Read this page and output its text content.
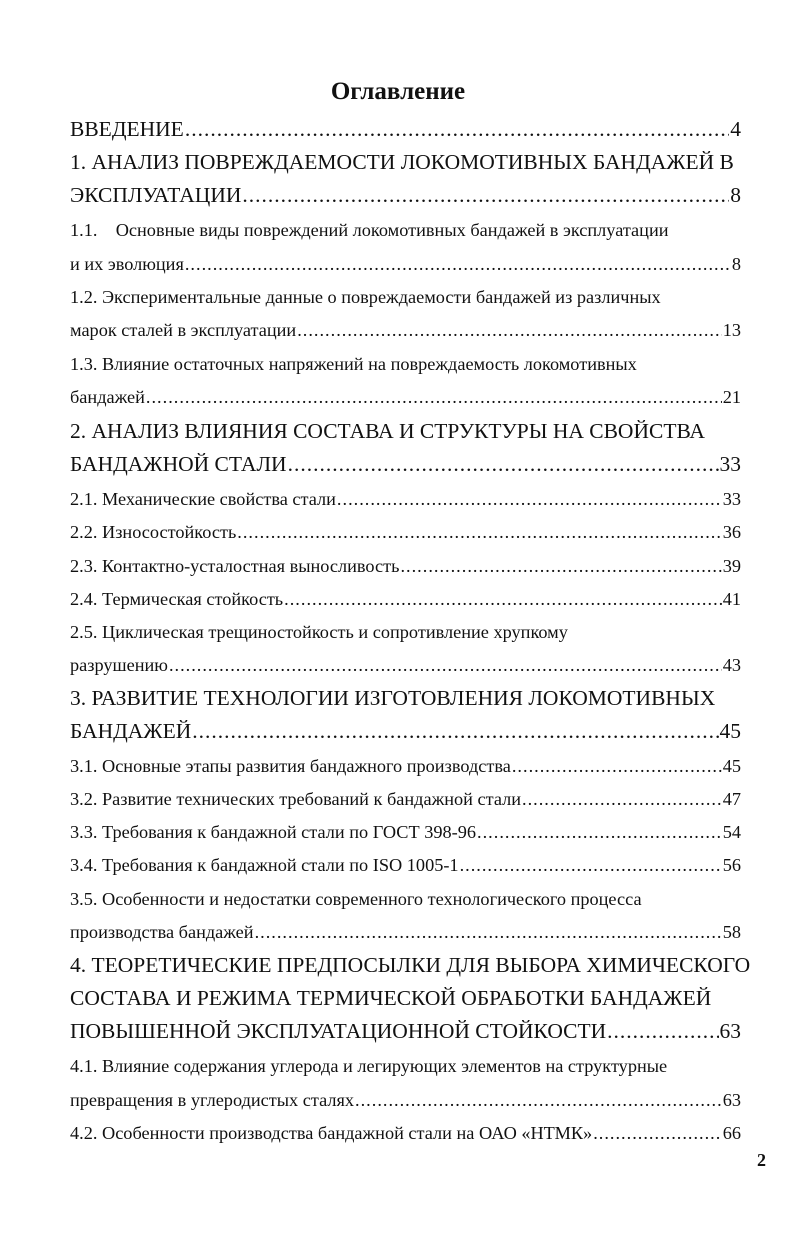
Оглавление
ВВЕДЕНИЕ .....	4
1. АНАЛИЗ ПОВРЕЖДАЕМОСТИ ЛОКОМОТИВНЫХ БАНДАЖЕЙ В
ЭКСПЛУАТАЦИИ .....	8
1.1.    Основные виды повреждений локомотивных бандажей в эксплуатации
и их эволюция .....	8
1.2. Экспериментальные данные о повреждаемости бандажей из различных
марок сталей в эксплуатации .....	13
1.3. Влияние остаточных напряжений на повреждаемость локомотивных
бандажей .....	21
2. АНАЛИЗ ВЛИЯНИЯ СОСТАВА И СТРУКТУРЫ НА СВОЙСТВА
БАНДАЖНОЙ СТАЛИ .....	33
2.1. Механические свойства стали .....	33
2.2. Износостойкость .....	36
2.3. Контактно-усталостная выносливость .....	39
2.4. Термическая стойкость .....	41
2.5. Циклическая трещиностойкость и сопротивление хрупкому
разрушению .....	43
3. РАЗВИТИЕ ТЕХНОЛОГИИ ИЗГОТОВЛЕНИЯ ЛОКОМОТИВНЫХ
БАНДАЖЕЙ .....	45
3.1. Основные этапы развития бандажного производства .....	45
3.2. Развитие технических требований к бандажной стали .....	47
3.3. Требования к бандажной стали по ГОСТ 398-96 .....	54
3.4. Требования к бандажной стали по ISO 1005-1 .....	56
3.5. Особенности и недостатки современного технологического процесса
производства бандажей .....	58
4. ТЕОРЕТИЧЕСКИЕ ПРЕДПОСЫЛКИ ДЛЯ ВЫБОРА ХИМИЧЕСКОГО
СОСТАВА И РЕЖИМА ТЕРМИЧЕСКОЙ ОБРАБОТКИ БАНДАЖЕЙ
ПОВЫШЕННОЙ ЭКСПЛУАТАЦИОННОЙ СТОЙКОСТИ .....	63
4.1. Влияние содержания углерода и легирующих элементов на структурные
превращения в углеродистых сталях .....	63
4.2. Особенности производства бандажной стали на ОАО «НТМК» .....	66
2
